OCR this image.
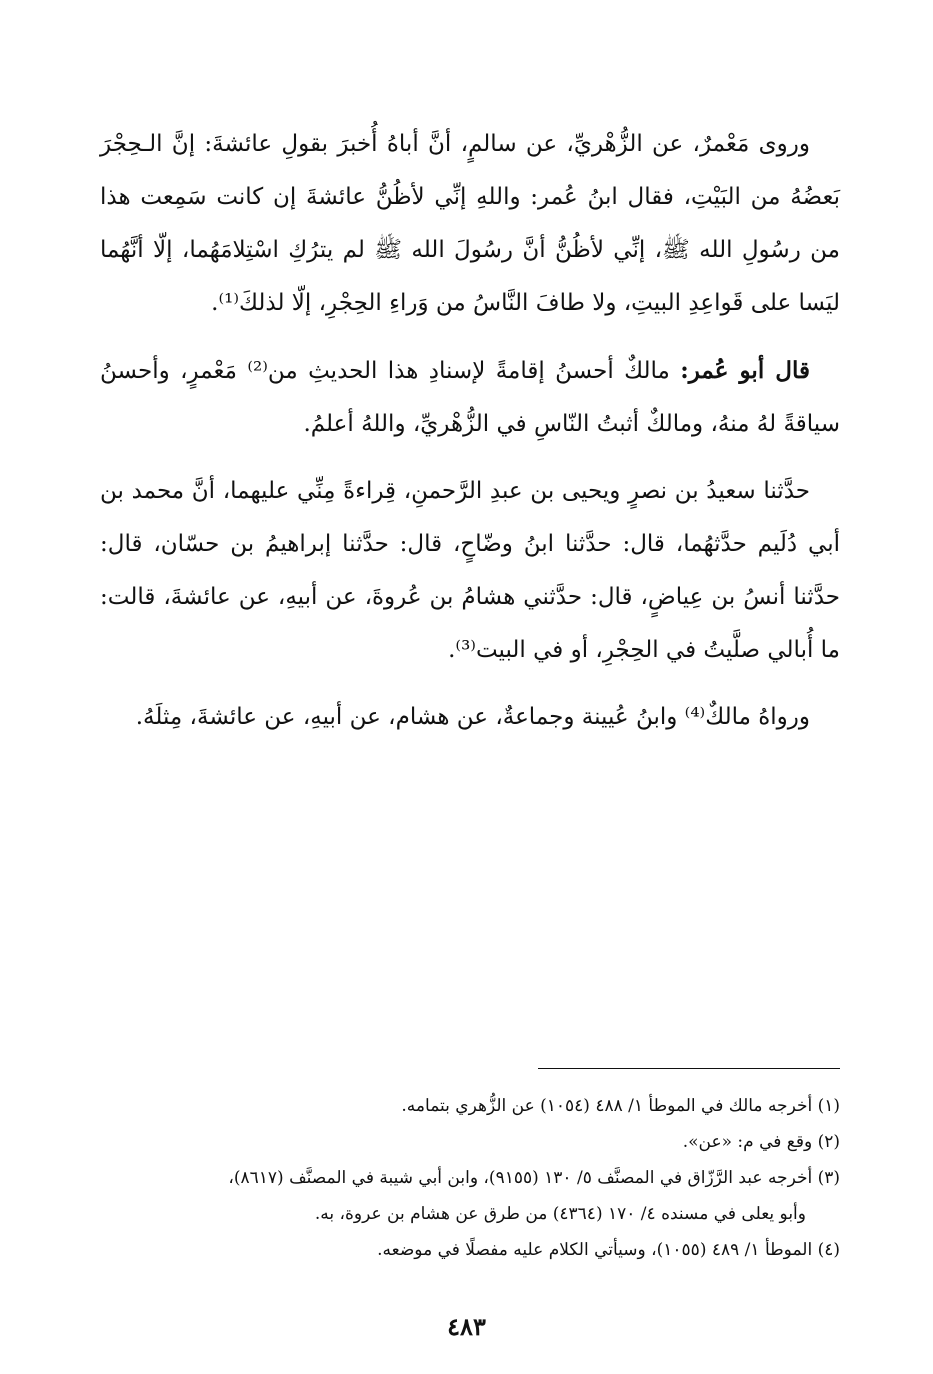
وروى مَعْمرٌ، عن الزُّهْريِّ، عن سالمٍ، أنَّ أباهُ أُخبرَ بقولِ عائشةَ: إنَّ الـحِجْرَ بَعضُهُ من البَيْتِ، فقال ابنُ عُمر: واللهِ إنِّي لأظُنُّ عائشةَ إن كانت سَمِعت هذا من رسُولِ الله ﷺ، إنِّي لأظُنُّ أنَّ رسُولَ الله ﷺ لم يترُكِ اسْتِلامَهُما، إلّا أنَّهُما ليَسا على قَواعِدِ البيتِ، ولا طافَ النَّاسُ من وَراءِ الحِجْرِ، إلّا لذلكَ⁽¹⁾.

قال أبو عُمر: مالكٌ أحسنُ إقامةً لإسنادِ هذا الحديثِ من⁽²⁾ مَعْمرٍ، وأحسنُ سياقةً لهُ منهُ، ومالكٌ أثبتُ النّاسِ في الزُّهْريِّ، واللهُ أعلمُ.

حدَّثنا سعيدُ بن نصرٍ ويحيى بن عبدِ الرَّحمنِ، قِراءةً مِنِّي عليهما، أنَّ محمد بن أبي دُلَيم حدَّثهُما، قال: حدَّثنا ابنُ وضّاحٍ، قال: حدَّثنا إبراهيمُ بن حسّان، قال: حدَّثنا أنسُ بن عِياضٍ، قال: حدَّثني هشامُ بن عُروةَ، عن أبيهِ، عن عائشةَ، قالت: ما أُبالي صلَّيتُ في الحِجْرِ، أو في البيت⁽³⁾.

ورواهُ مالكٌ⁽⁴⁾ وابنُ عُيينة وجماعةٌ، عن هشام، عن أبيهِ، عن عائشةَ، مِثلَهُ.

(١) أخرجه مالك في الموطأ ١/ ٤٨٨ (١٠٥٤) عن الزُّهري بتمامه.

(٢) وقع في م: «عن».

(٣) أخرجه عبد الرَّزّاق في المصنَّف ٥/ ١٣٠ (٩١٥٥)، وابن أبي شيبة في المصنَّف (٨٦١٧)،

وأبو يعلى في مسنده ٤/ ١٧٠ (٤٣٦٤) من طرق عن هشام بن عروة، به.

(٤) الموطأ ١/ ٤٨٩ (١٠٥٥)، وسيأتي الكلام عليه مفصلًا في موضعه.

٤٨٣
